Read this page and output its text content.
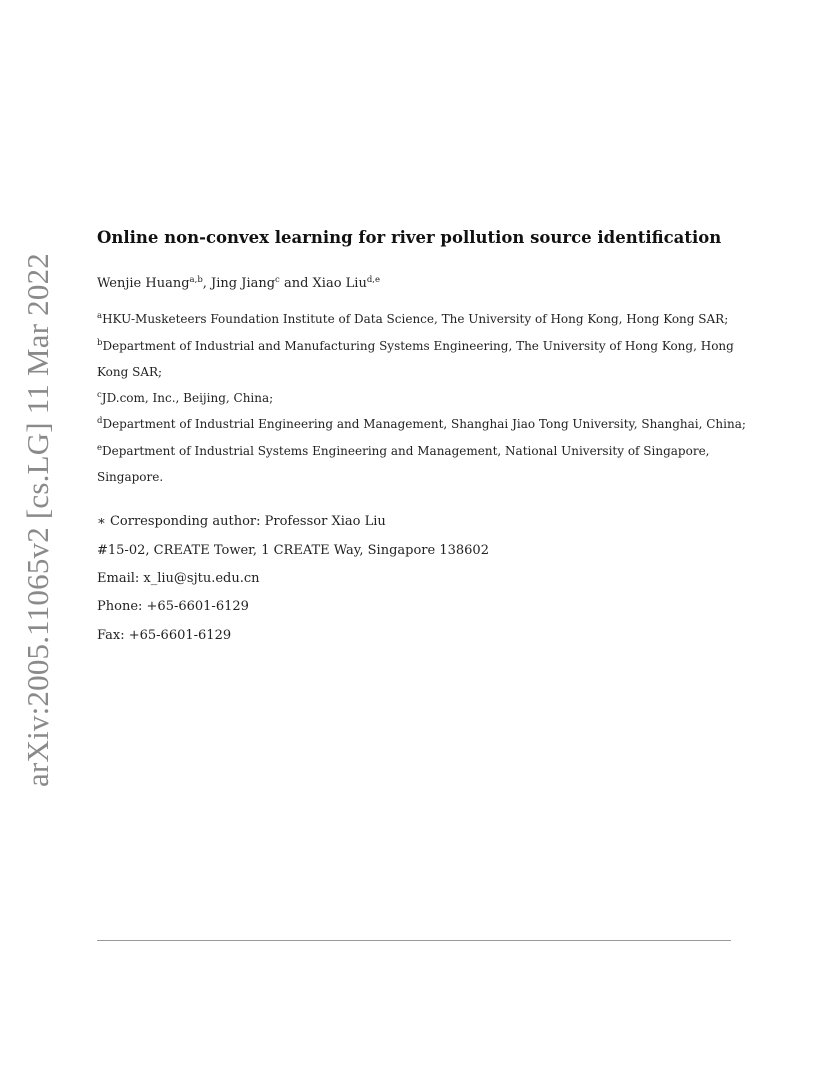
arXiv:2005.11065v2 [cs.LG] 11 Mar 2022
Online non-convex learning for river pollution source identification
Wenjie Huang$^{a,b}$, Jing Jiang$^c$ and Xiao Liu$^{d,e}$
$^a$HKU-Musketeers Foundation Institute of Data Science, The University of Hong Kong, Hong Kong SAR;
$^b$Department of Industrial and Manufacturing Systems Engineering, The University of Hong Kong, Hong
Kong SAR;
$^c$JD.com, Inc., Beijing, China;
$^d$Department of Industrial Engineering and Management, Shanghai Jiao Tong University, Shanghai, China;
$^e$Department of Industrial Systems Engineering and Management, National University of Singapore,
Singapore.
∗ Corresponding author: Professor Xiao Liu
#15-02, CREATE Tower, 1 CREATE Way, Singapore 138602
Email: x_liu@sjtu.edu.cn
Phone: +65-6601-6129
Fax: +65-6601-6129
